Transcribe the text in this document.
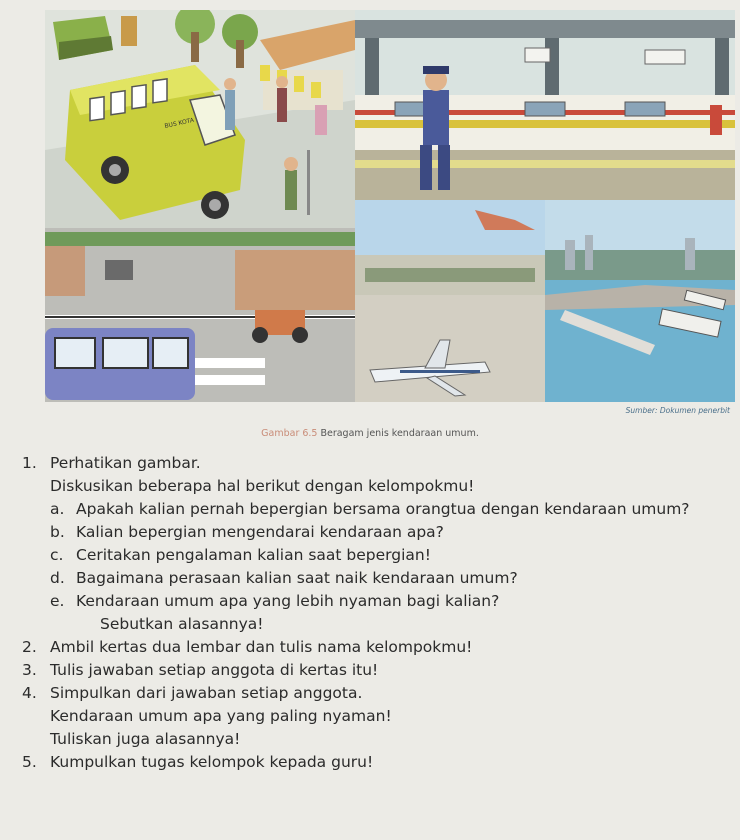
BUS KOTA
Sumber: Dokumen penerbit
Gambar 6.5 Beragam jenis kendaraan umum.
1. Perhatikan gambar.
Diskusikan beberapa hal berikut dengan kelompokmu!
a. Apakah kalian pernah bepergian bersama orangtua dengan kendaraan umum?
b. Kalian bepergian mengendarai kendaraan apa?
c. Ceritakan pengalaman kalian saat bepergian!
d. Bagaimana perasaan kalian saat naik kendaraan umum?
e. Kendaraan umum apa yang lebih nyaman bagi kalian?
Sebutkan alasannya!
2. Ambil kertas dua lembar dan tulis nama kelompokmu!
3. Tulis jawaban setiap anggota di kertas itu!
4. Simpulkan dari jawaban setiap anggota.
Kendaraan umum apa yang paling nyaman!
Tuliskan juga alasannya!
5. Kumpulkan tugas kelompok kepada guru!
